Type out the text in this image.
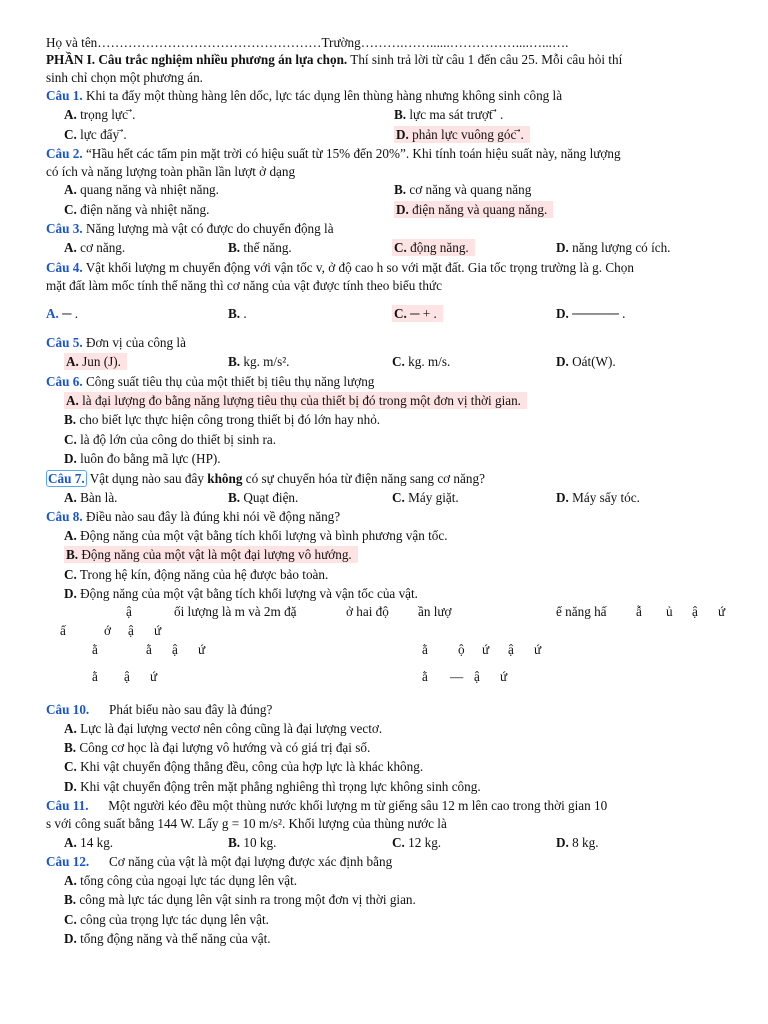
Họ và tên……………………………………………Trường……….……......……………....…...….
PHẦN I. Câu trắc nghiệm nhiều phương án lựa chọn. Thí sinh trả lời từ câu 1 đến câu 25. Mỗi câu hỏi thí
sinh chỉ chọn một phương án.
Câu 1. Khi ta đẩy một thùng hàng lên dốc, lực tác dụng lên thùng hàng nhưng không sinh công là
A. trọng lực ⃗.	B. lực ma sát trượt ⃗ .
C. lực đẩy ⃗.	D. phản lực vuông góc ⃗.
Câu 2. “Hầu hết các tấm pin mặt trời có hiệu suất từ 15% đến 20%”. Khi tính toán hiệu suất này, năng lượng
có ích và năng lượng toàn phần lần lượt ở dạng
A. quang năng và nhiệt năng.	B. cơ năng và quang năng
C. điện năng và nhiệt năng.	D. điện năng và quang năng.
Câu 3. Năng lượng mà vật có được do chuyển động là
A. cơ năng.	B. thế năng.	C. động năng.	D. năng lượng có ích.
Câu 4. Vật khối lượng m chuyển động với vận tốc v, ở độ cao h so với mặt đất. Gia tốc trọng trường là g. Chọn
mặt đất làm mốc tính thế năng thì cơ năng của vật được tính theo biểu thức
A. ─ .	B. .	C. ─ + .	D. ───── .
Câu 5. Đơn vị của công là
A. Jun (J).	B. kg. m/s².	C. kg. m/s.	D. Oát(W).
Câu 6. Công suất tiêu thụ của một thiết bị tiêu thụ năng lượng
A. là đại lượng đo bằng năng lượng tiêu thụ của thiết bị đó trong một đơn vị thời gian.
B. cho biết lực thực hiện công trong thiết bị đó lớn hay nhỏ.
C. là độ lớn của công do thiết bị sinh ra.
D. luôn đo bằng mã lực (HP).
Câu 7. Vật dụng nào sau đây không có sự chuyển hóa từ điện năng sang cơ năng?
A. Bàn là.	B. Quạt điện.	C. Máy giặt.	D. Máy sấy tóc.
Câu 8. Điều nào sau đây là đúng khi nói về động năng?
A. Động năng của một vật bằng tích khối lượng và bình phương vận tốc.
B. Động năng của một vật là một đại lượng vô hướng.
C. Trong hệ kín, động năng của hệ được bảo toàn.
D. Động năng của một vật bằng tích khối lượng và vận tốc của vật.
ậ	ối lượng là m và 2m đặ	ở hai độ ần lượ	ế năng hấ ẫ ủ ậ ứ
ấ	ớ ậ ứ
ằ	ằ ậ ứ	ằ ộ ứ ậ ứ
ằ ậ ứ	ằ — ậ ứ
Câu 10.      Phát biểu nào sau đây là đúng?
A. Lực là đại lượng vectơ nên công cũng là đại lượng vectơ.
B. Công cơ học là đại lượng vô hướng và có giá trị đại số.
C. Khi vật chuyển động thẳng đều, công của hợp lực là khác không.
D. Khi vật chuyển động trên mặt phẳng nghiêng thì trọng lực không sinh công.
Câu 11.      Một người kéo đều một thùng nước khối lượng m từ giếng sâu 12 m lên cao trong thời gian 10
s với công suất bằng 144 W. Lấy g = 10 m/s². Khối lượng của thùng nước là
A. 14 kg.	B. 10 kg.	C. 12 kg.	D. 8 kg.
Câu 12.      Cơ năng của vật là một đại lượng được xác định bằng
A. tổng công của ngoại lực tác dụng lên vật.
B. công mà lực tác dụng lên vật sinh ra trong một đơn vị thời gian.
C. công của trọng lực tác dụng lên vật.
D. tổng động năng và thế năng của vật.
